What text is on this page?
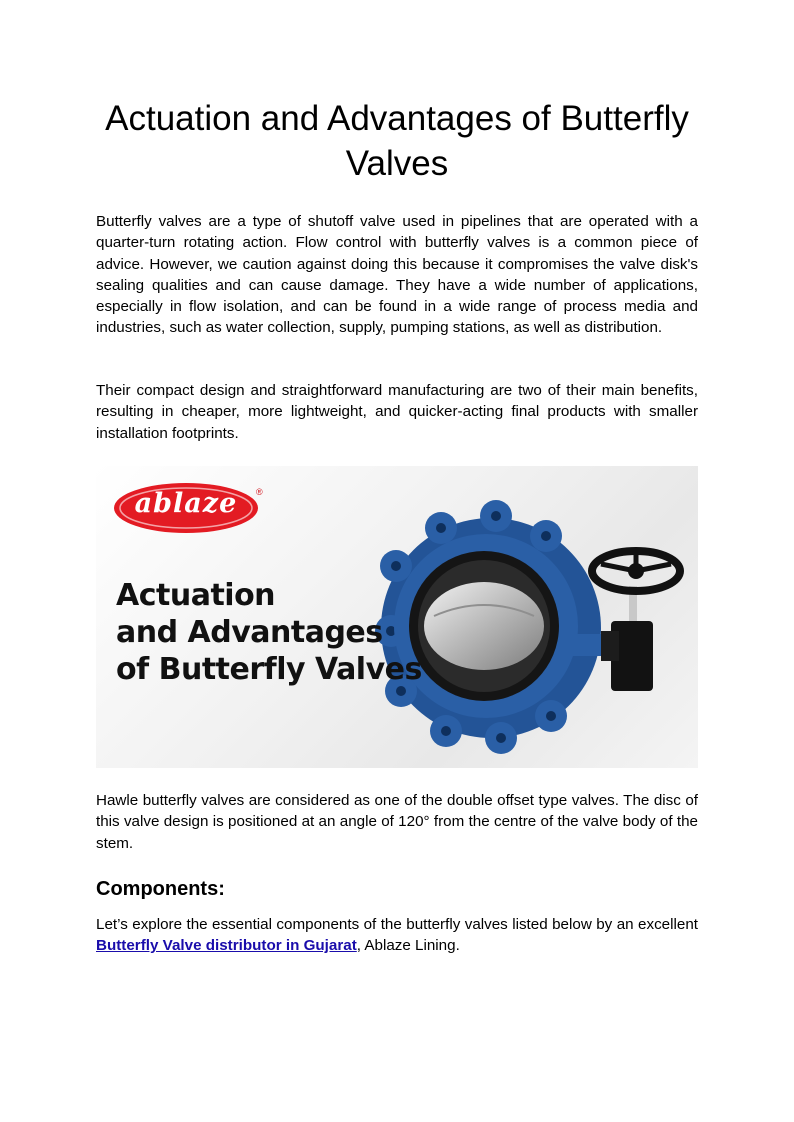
Actuation and Advantages of Butterfly Valves

Butterfly valves are a type of shutoff valve used in pipelines that are operated with a quarter-turn rotating action. Flow control with butterfly valves is a common piece of advice. However, we caution against doing this because it compromises the valve disk's sealing qualities and can cause damage. They have a wide number of applications, especially in flow isolation, and can be found in a wide range of process media and industries, such as water collection, supply, pumping stations, as well as distribution.

Their compact design and straightforward manufacturing are two of their main benefits, resulting in cheaper, more lightweight, and quicker-acting final products with smaller installation footprints.

ablaze	®
Actuation
and Advantages
of Butterfly Valves

Hawle butterfly valves are considered as one of the double offset type valves. The disc of this valve design is positioned at an angle of 120° from the centre of the valve body of the stem.

Components:

Let’s explore the essential components of the butterfly valves listed below by an excellent Butterfly Valve distributor in Gujarat, Ablaze Lining.
